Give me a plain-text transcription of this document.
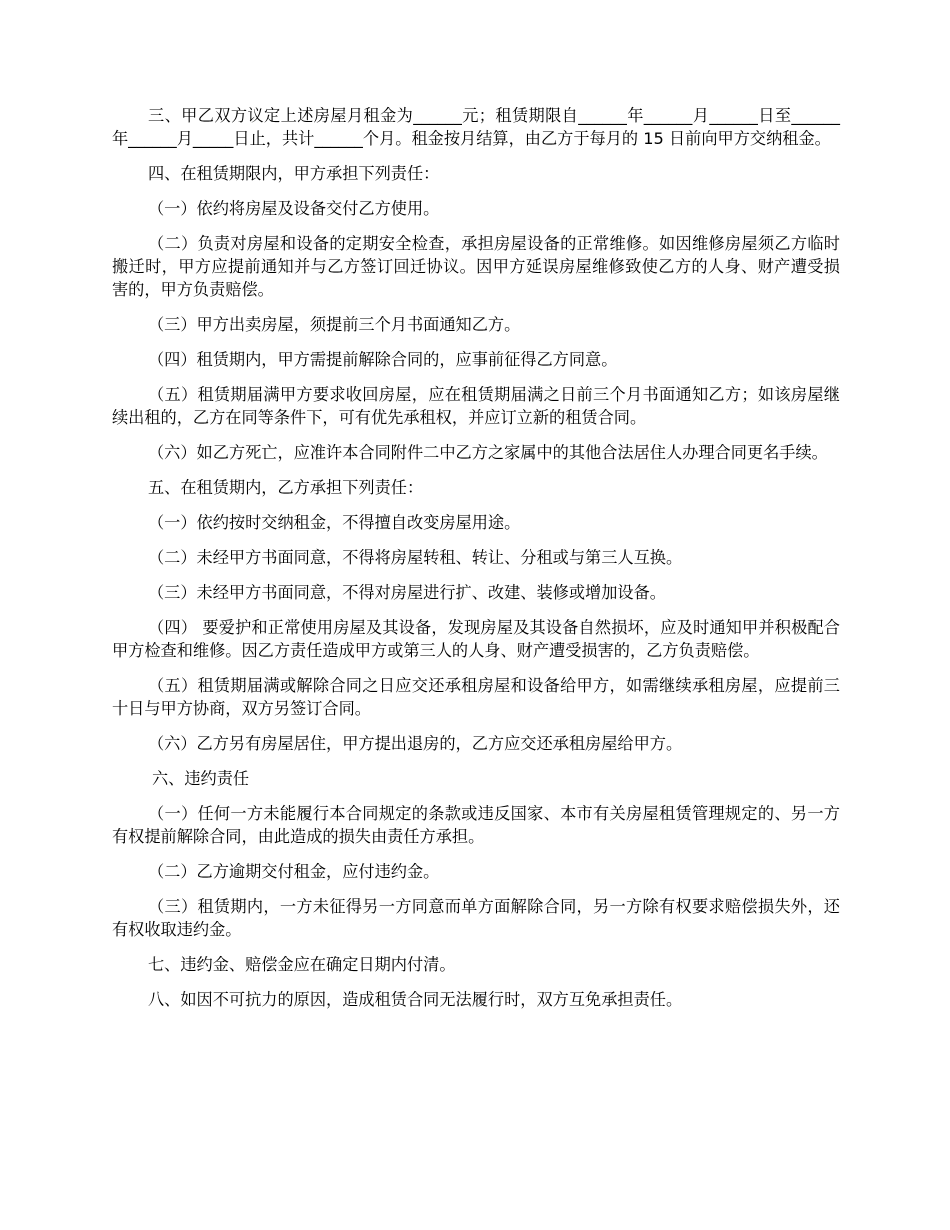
三、甲乙双方议定上述房屋月租金为______元；租赁期限自______年______月______日至______年______月_____日止，共计______个月。租金按月结算，由乙方于每月的 15 日前向甲方交纳租金。

四、在租赁期限内，甲方承担下列责任：

（一）依约将房屋及设备交付乙方使用。

（二）负责对房屋和设备的定期安全检查，承担房屋设备的正常维修。如因维修房屋须乙方临时搬迁时，甲方应提前通知并与乙方签订回迁协议。因甲方延误房屋维修致使乙方的人身、财产遭受损害的，甲方负责赔偿。

（三）甲方出卖房屋，须提前三个月书面通知乙方。

（四）租赁期内，甲方需提前解除合同的，应事前征得乙方同意。

（五）租赁期届满甲方要求收回房屋，应在租赁期届满之日前三个月书面通知乙方；如该房屋继续出租的，乙方在同等条件下，可有优先承租权，并应订立新的租赁合同。

（六）如乙方死亡，应准许本合同附件二中乙方之家属中的其他合法居住人办理合同更名手续。

五、在租赁期内，乙方承担下列责任：

（一）依约按时交纳租金，不得擅自改变房屋用途。

（二）未经甲方书面同意，不得将房屋转租、转让、分租或与第三人互换。

（三）未经甲方书面同意，不得对房屋进行扩、改建、装修或增加设备。

（四） 要爱护和正常使用房屋及其设备，发现房屋及其设备自然损坏，应及时通知甲并积极配合甲方检查和维修。因乙方责任造成甲方或第三人的人身、财产遭受损害的，乙方负责赔偿。

（五）租赁期届满或解除合同之日应交还承租房屋和设备给甲方，如需继续承租房屋，应提前三十日与甲方协商，双方另签订合同。

（六）乙方另有房屋居住，甲方提出退房的，乙方应交还承租房屋给甲方。

六、违约责任

（一）任何一方未能履行本合同规定的条款或违反国家、本市有关房屋租赁管理规定的、另一方有权提前解除合同，由此造成的损失由责任方承担。

（二）乙方逾期交付租金，应付违约金。

（三）租赁期内，一方未征得另一方同意而单方面解除合同，另一方除有权要求赔偿损失外，还有权收取违约金。

七、违约金、赔偿金应在确定日期内付清。

八、如因不可抗力的原因，造成租赁合同无法履行时，双方互免承担责任。
